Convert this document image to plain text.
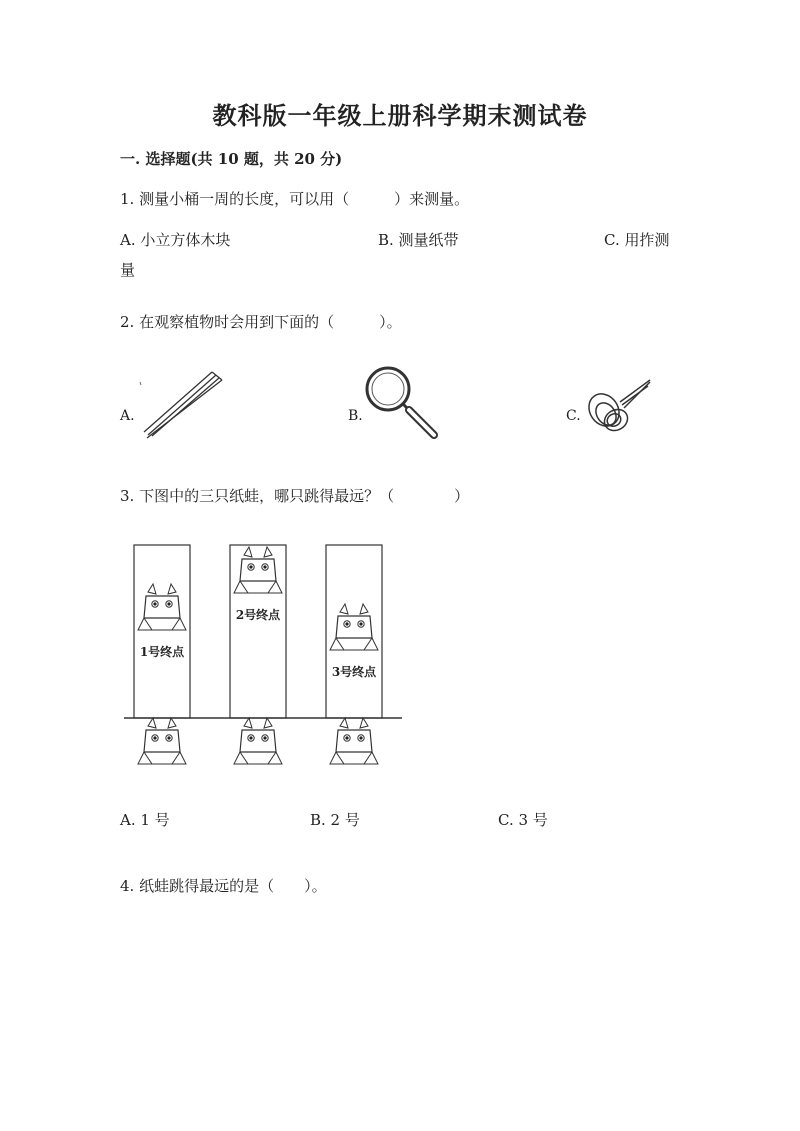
教科版一年级上册科学期末测试卷
一. 选择题(共 10 题，共 20 分)
1. 测量小桶一周的长度，可以用（　　　）来测量。
A. 小立方体木块	B. 测量纸带	C. 用拃测
量
2. 在观察植物时会用到下面的（　　　）。
A.	B.	C.
3. 下图中的三只纸蛙，哪只跳得最远？（　　　　）
1号终点
2号终点
3号终点
A. 1 号	B. 2 号	C. 3 号
4. 纸蛙跳得最远的是（　　）。
